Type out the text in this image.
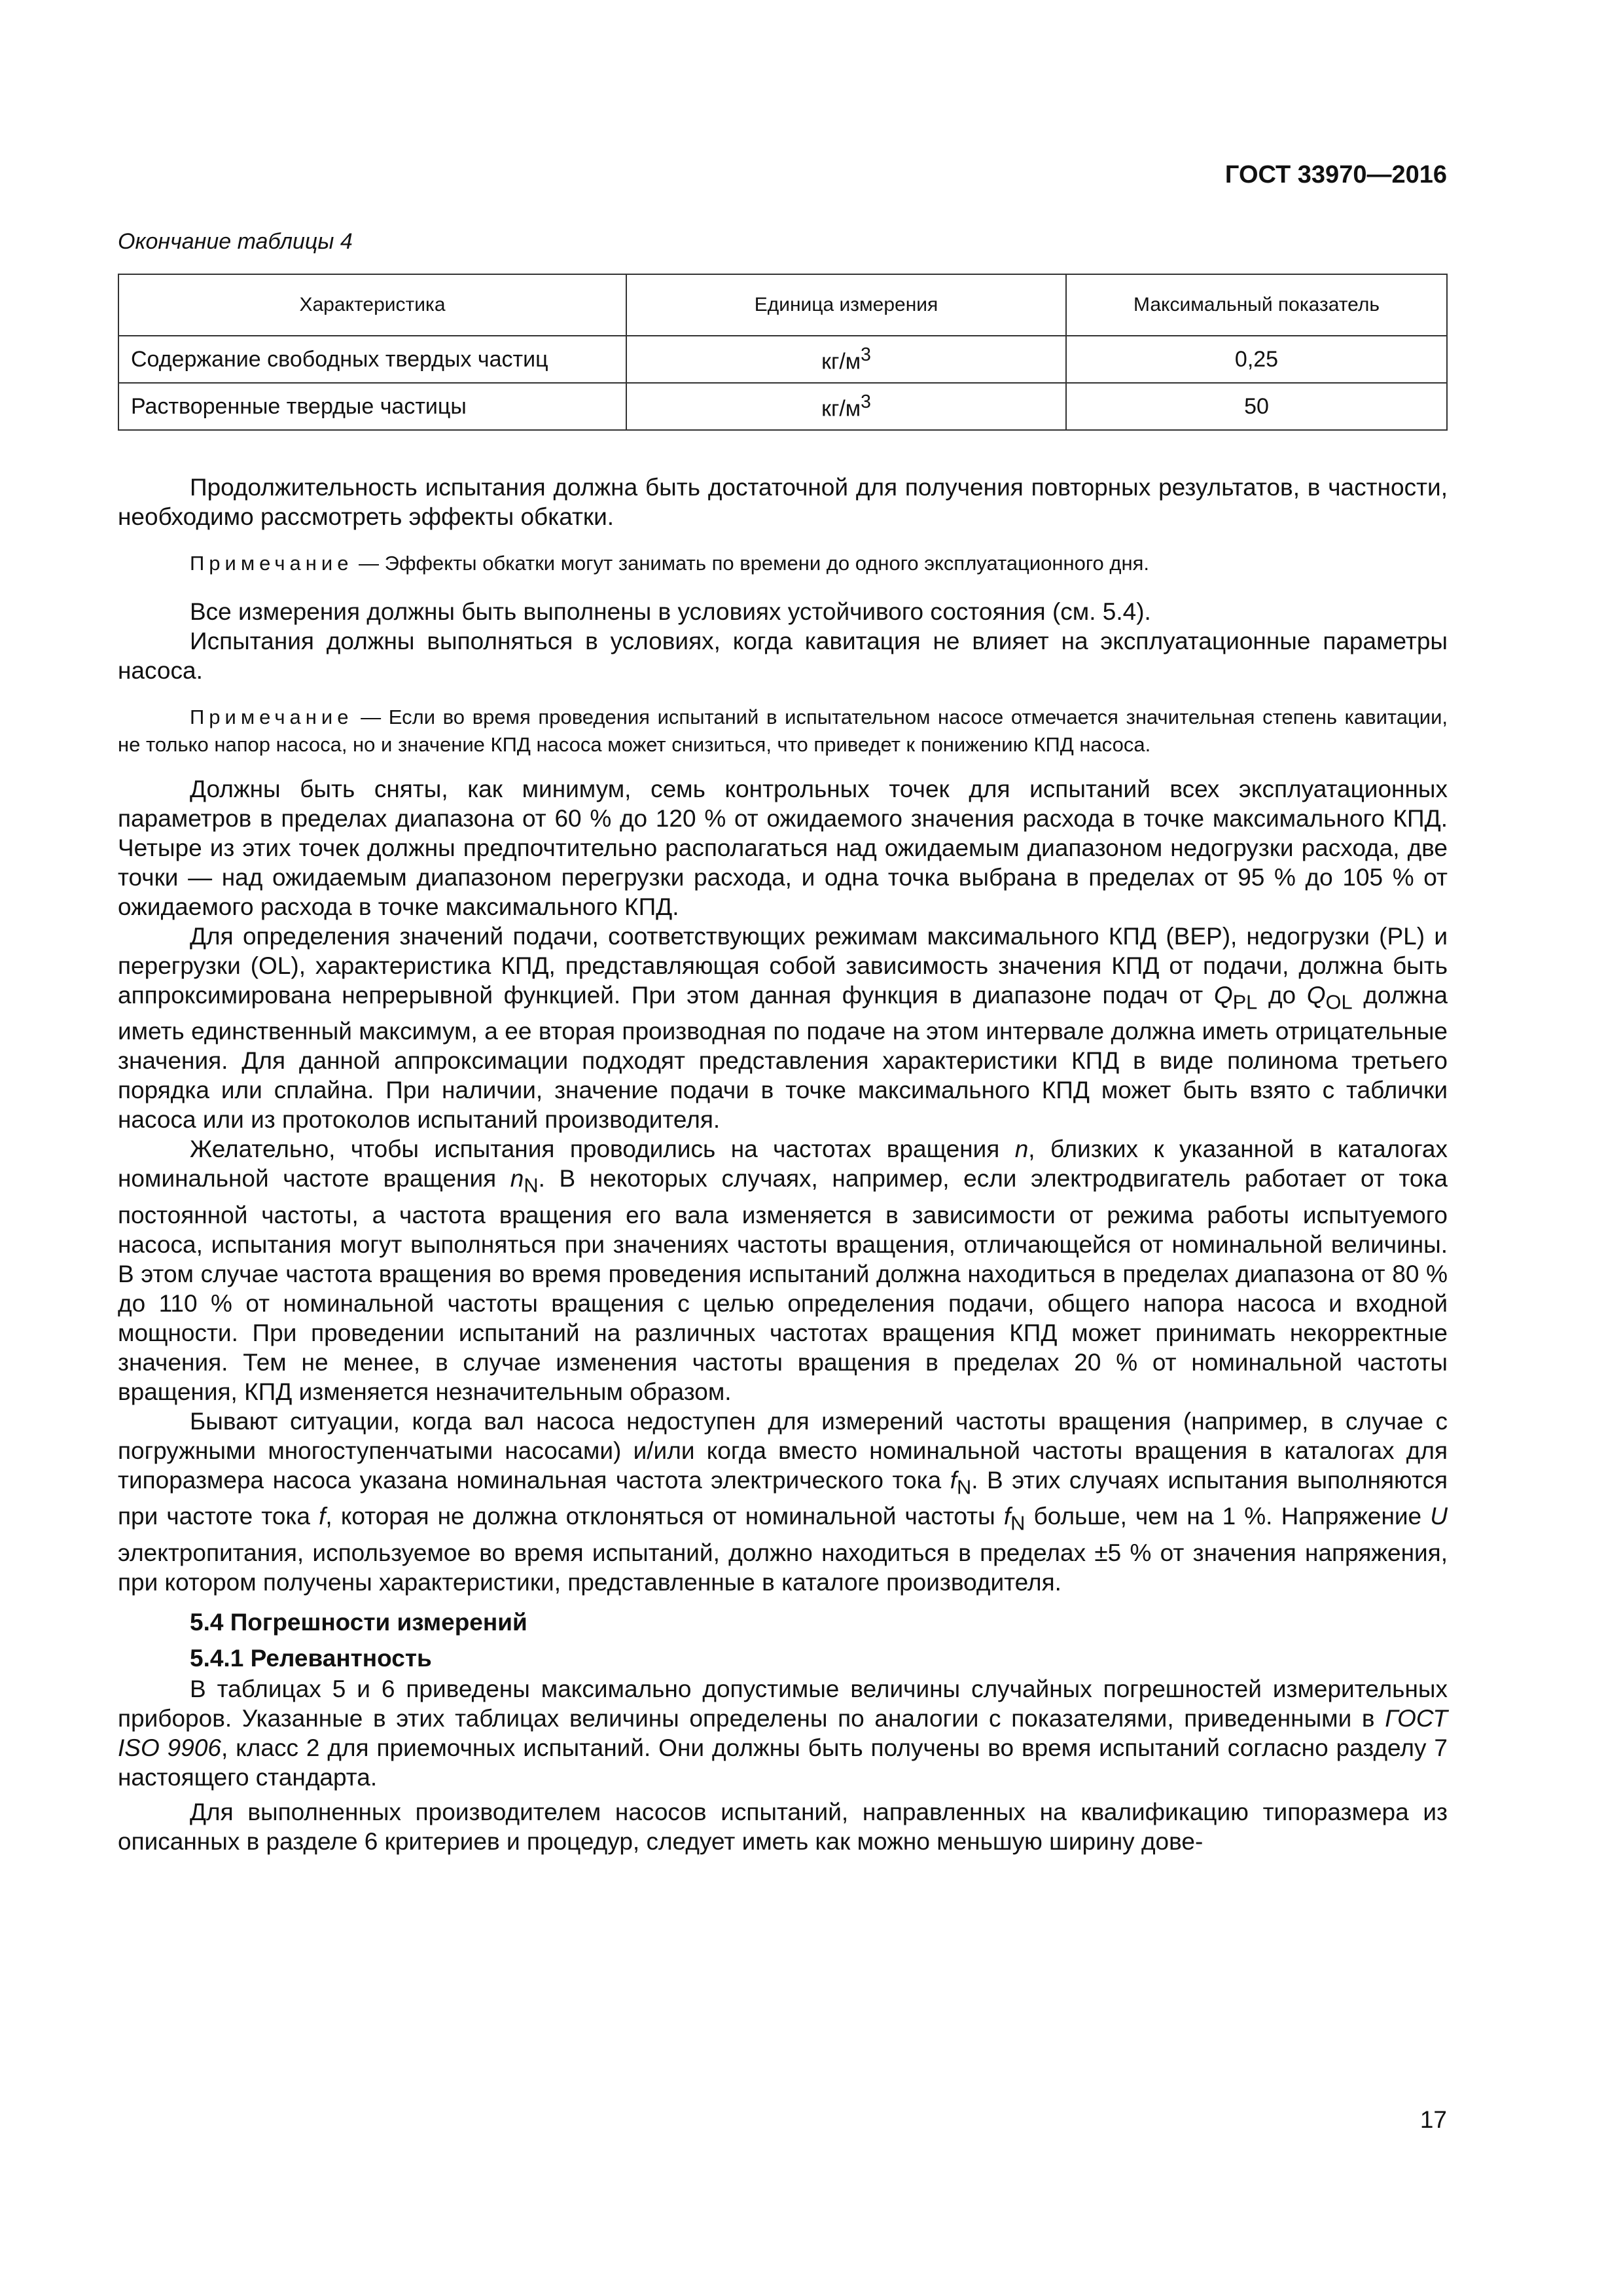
ГОСТ 33970—2016
Окончание таблицы 4
Характеристика	Единица измерения	Максимальный показатель
Содержание свободных твердых частиц	$кг/м^3$	0,25
Растворенные твердые частицы	$кг/м^3$	50

Продолжительность испытания должна быть достаточной для получения повторных результатов, в частности, необходимо рассмотреть эффекты обкатки.

Примечание — Эффекты обкатки могут занимать по времени до одного эксплуатационного дня.

Все измерения должны быть выполнены в условиях устойчивого состояния (см. 5.4).

Испытания должны выполняться в условиях, когда кавитация не влияет на эксплуатационные параметры насоса.

Примечание — Если во время проведения испытаний в испытательном насосе отмечается значительная степень кавитации, не только напор насоса, но и значение КПД насоса может снизиться, что приведет к понижению КПД насоса.

Должны быть сняты, как минимум, семь контрольных точек для испытаний всех эксплуатационных параметров в пределах диапазона от 60 % до 120 % от ожидаемого значения расхода в точке максимального КПД. Четыре из этих точек должны предпочтительно располагаться над ожидаемым диапазоном недогрузки расхода, две точки — над ожидаемым диапазоном перегрузки расхода, и одна точка выбрана в пределах от 95 % до 105 % от ожидаемого расхода в точке максимального КПД.

Для определения значений подачи, соответствующих режимам максимального КПД (ВЕР), недогрузки (PL) и перегрузки (OL), характеристика КПД, представляющая собой зависимость значения КПД от подачи, должна быть аппроксимирована непрерывной функцией. При этом данная функция в диапазоне подач от $Q_{PL}$ до $Q_{OL}$ должна иметь единственный максимум, а ее вторая производная по подаче на этом интервале должна иметь отрицательные значения. Для данной аппроксимации подходят представления характеристики КПД в виде полинома третьего порядка или сплайна. При наличии, значение подачи в точке максимального КПД может быть взято с таблички насоса или из протоколов испытаний производителя.

Желательно, чтобы испытания проводились на частотах вращения n, близких к указанной в каталогах номинальной частоте вращения $n_N$. В некоторых случаях, например, если электродвигатель работает от тока постоянной частоты, а частота вращения его вала изменяется в зависимости от режима работы испытуемого насоса, испытания могут выполняться при значениях частоты вращения, отличающейся от номинальной величины. В этом случае частота вращения во время проведения испытаний должна находиться в пределах диапазона от 80 % до 110 % от номинальной частоты вращения с целью определения подачи, общего напора насоса и входной мощности. При проведении испытаний на различных частотах вращения КПД может принимать некорректные значения. Тем не менее, в случае изменения частоты вращения в пределах 20 % от номинальной частоты вращения, КПД изменяется незначительным образом.

Бывают ситуации, когда вал насоса недоступен для измерений частоты вращения (например, в случае с погружными многоступенчатыми насосами) и/или когда вместо номинальной частоты вращения в каталогах для типоразмера насоса указана номинальная частота электрического тока $f_N$. В этих случаях испытания выполняются при частоте тока f, которая не должна отклоняться от номинальной частоты $f_N$ больше, чем на 1 %. Напряжение U электропитания, используемое во время испытаний, должно находиться в пределах ±5 % от значения напряжения, при котором получены характеристики, представленные в каталоге производителя.

5.4 Погрешности измерений
5.4.1 Релевантность

В таблицах 5 и 6 приведены максимально допустимые величины случайных погрешностей измерительных приборов. Указанные в этих таблицах величины определены по аналогии с показателями, приведенными в ГОСТ ISO 9906, класс 2 для приемочных испытаний. Они должны быть получены во время испытаний согласно разделу 7 настоящего стандарта.

Для выполненных производителем насосов испытаний, направленных на квалификацию типоразмера из описанных в разделе 6 критериев и процедур, следует иметь как можно меньшую ширину дове-

17
